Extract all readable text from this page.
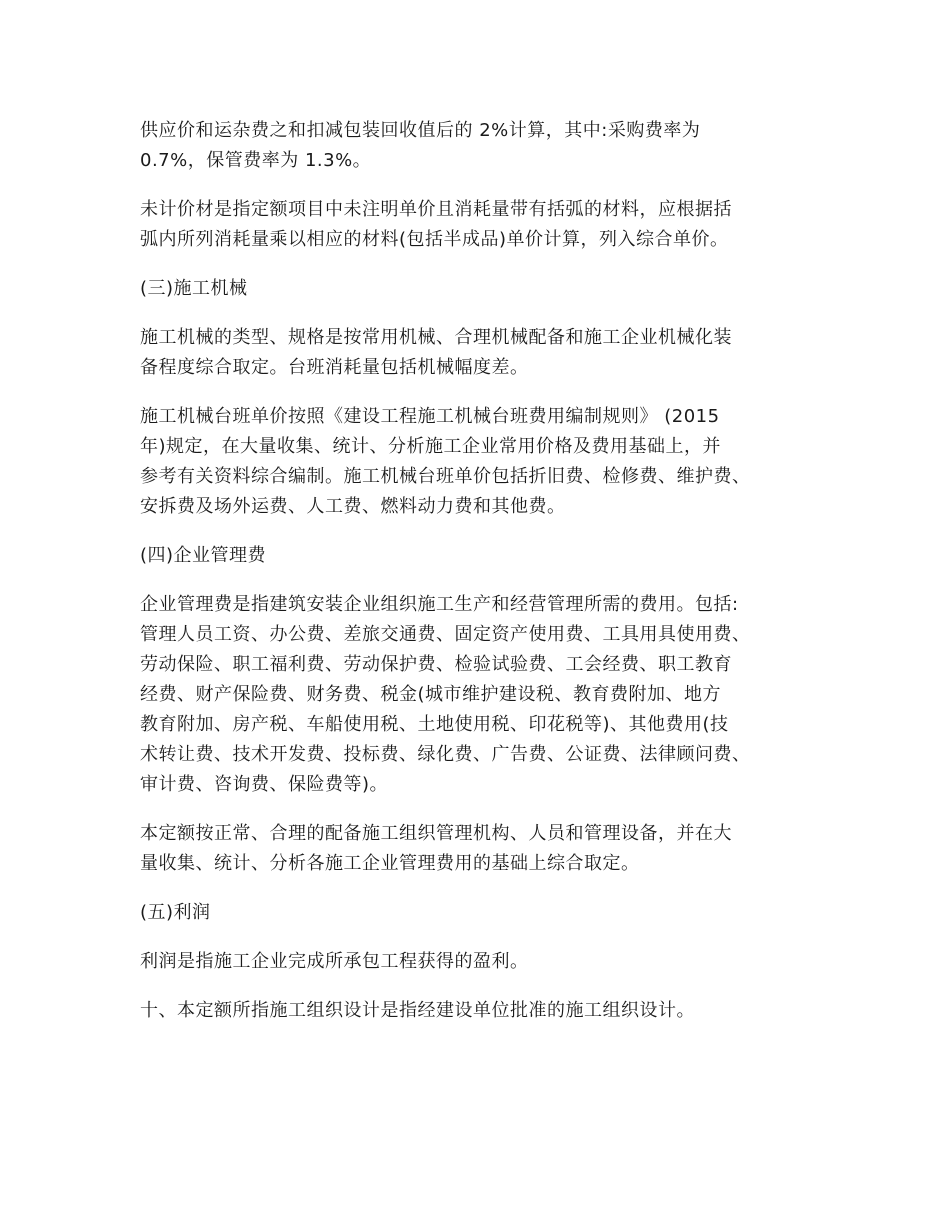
供应价和运杂费之和扣减包装回收值后的 2%计算，其中:采购费率为
0.7%，保管费率为 1.3%。

未计价材是指定额项目中未注明单价且消耗量带有括弧的材料，应根据括
弧内所列消耗量乘以相应的材料(包括半成品)单价计算，列入综合单价。

(三)施工机械

施工机械的类型、规格是按常用机械、合理机械配备和施工企业机械化装
备程度综合取定。台班消耗量包括机械幅度差。

施工机械台班单价按照《建设工程施工机械台班费用编制规则》 (2015
年)规定，在大量收集、统计、分析施工企业常用价格及费用基础上，并
参考有关资料综合编制。施工机械台班单价包括折旧费、检修费、维护费、
安拆费及场外运费、人工费、燃料动力费和其他费。

(四)企业管理费

企业管理费是指建筑安装企业组织施工生产和经营管理所需的费用。包括:
管理人员工资、办公费、差旅交通费、固定资产使用费、工具用具使用费、
劳动保险、职工福利费、劳动保护费、检验试验费、工会经费、职工教育
经费、财产保险费、财务费、税金(城市维护建设税、教育费附加、地方
教育附加、房产税、车船使用税、土地使用税、印花税等)、其他费用(技
术转让费、技术开发费、投标费、绿化费、广告费、公证费、法律顾问费、
审计费、咨询费、保险费等)。

本定额按正常、合理的配备施工组织管理机构、人员和管理设备，并在大
量收集、统计、分析各施工企业管理费用的基础上综合取定。

(五)利润

利润是指施工企业完成所承包工程获得的盈利。

十、本定额所指施工组织设计是指经建设单位批准的施工组织设计。
